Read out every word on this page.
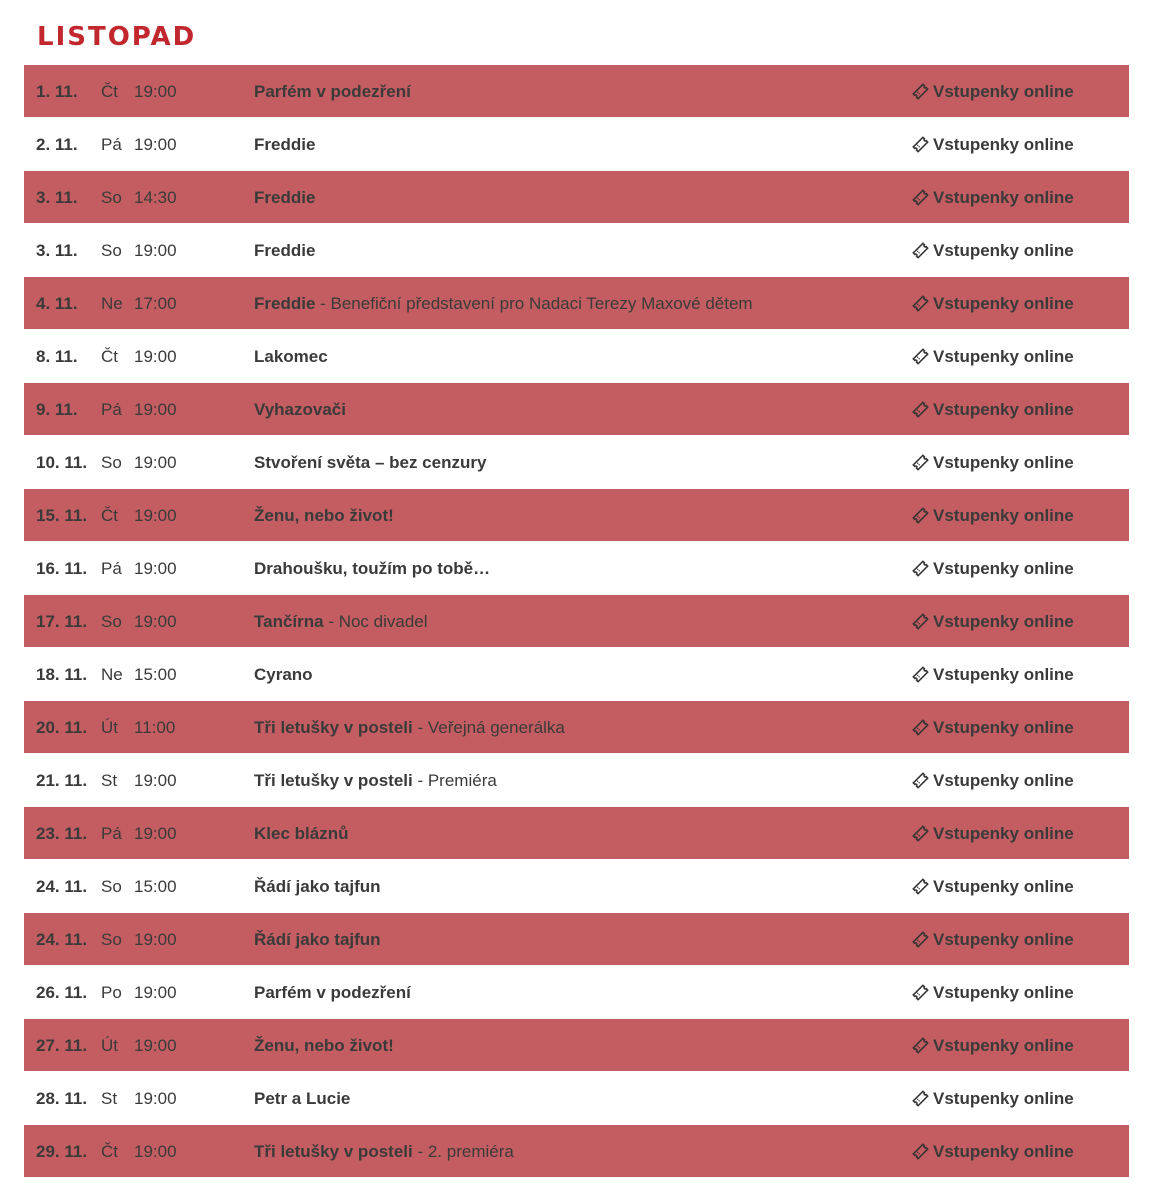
LISTOPAD
1. 11.	Čt 19:00	Parfém v podezření	Vstupenky online
2. 11.	Pá 19:00	Freddie	Vstupenky online
3. 11.	So 14:30	Freddie	Vstupenky online
3. 11.	So 19:00	Freddie	Vstupenky online
4. 11.	Ne 17:00	Freddie - Benefiční představení pro Nadaci Terezy Maxové dětem	Vstupenky online
8. 11.	Čt 19:00	Lakomec	Vstupenky online
9. 11.	Pá 19:00	Vyhazovači	Vstupenky online
10. 11. So 19:00	Stvoření světa – bez cenzury	Vstupenky online
15. 11. Čt 19:00	Ženu, nebo život!	Vstupenky online
16. 11. Pá 19:00	Drahoušku, toužím po tobě…	Vstupenky online
17. 11. So 19:00	Tančírna - Noc divadel	Vstupenky online
18. 11. Ne 15:00	Cyrano	Vstupenky online
20. 11. Út 11:00	Tři letušky v posteli - Veřejná generálka	Vstupenky online
21. 11. St 19:00	Tři letušky v posteli - Premiéra	Vstupenky online
23. 11. Pá 19:00	Klec bláznů	Vstupenky online
24. 11. So 15:00	Řádí jako tajfun	Vstupenky online
24. 11. So 19:00	Řádí jako tajfun	Vstupenky online
26. 11. Po 19:00	Parfém v podezření	Vstupenky online
27. 11. Út 19:00	Ženu, nebo život!	Vstupenky online
28. 11. St 19:00	Petr a Lucie	Vstupenky online
29. 11. Čt 19:00	Tři letušky v posteli - 2. premiéra	Vstupenky online
